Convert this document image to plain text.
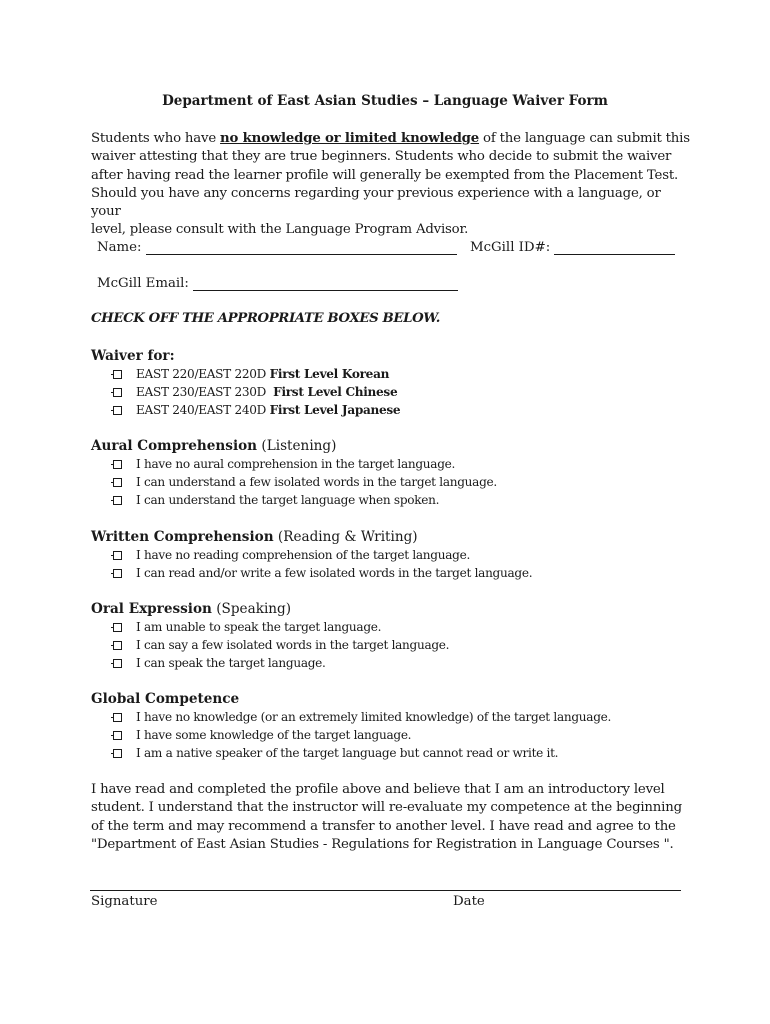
Department of East Asian Studies – Language Waiver Form
Students who have no knowledge or limited knowledge of the language can submit this
waiver attesting that they are true beginners. Students who decide to submit the waiver
after having read the learner profile will generally be exempted from the Placement Test.
Should you have any concerns regarding your previous experience with a language, or your
level, please consult with the Language Program Advisor.
Name:	McGill ID#:
McGill Email:
CHECK OFF THE APPROPRIATE BOXES BELOW.
Waiver for:
EAST 220/EAST 220D First Level Korean
EAST 230/EAST 230D First Level Chinese
EAST 240/EAST 240D First Level Japanese
Aural Comprehension (Listening)
I have no aural comprehension in the target language.
I can understand a few isolated words in the target language.
I can understand the target language when spoken.
Written Comprehension (Reading & Writing)
I have no reading comprehension of the target language.
I can read and/or write a few isolated words in the target language.
Oral Expression (Speaking)
I am unable to speak the target language.
I can say a few isolated words in the target language.
I can speak the target language.
Global Competence
I have no knowledge (or an extremely limited knowledge) of the target language.
I have some knowledge of the target language.
I am a native speaker of the target language but cannot read or write it.
I have read and completed the profile above and believe that I am an introductory level
student. I understand that the instructor will re-evaluate my competence at the beginning
of the term and may recommend a transfer to another level. I have read and agree to the
"Department of East Asian Studies - Regulations for Registration in Language Courses ".
Signature	Date
